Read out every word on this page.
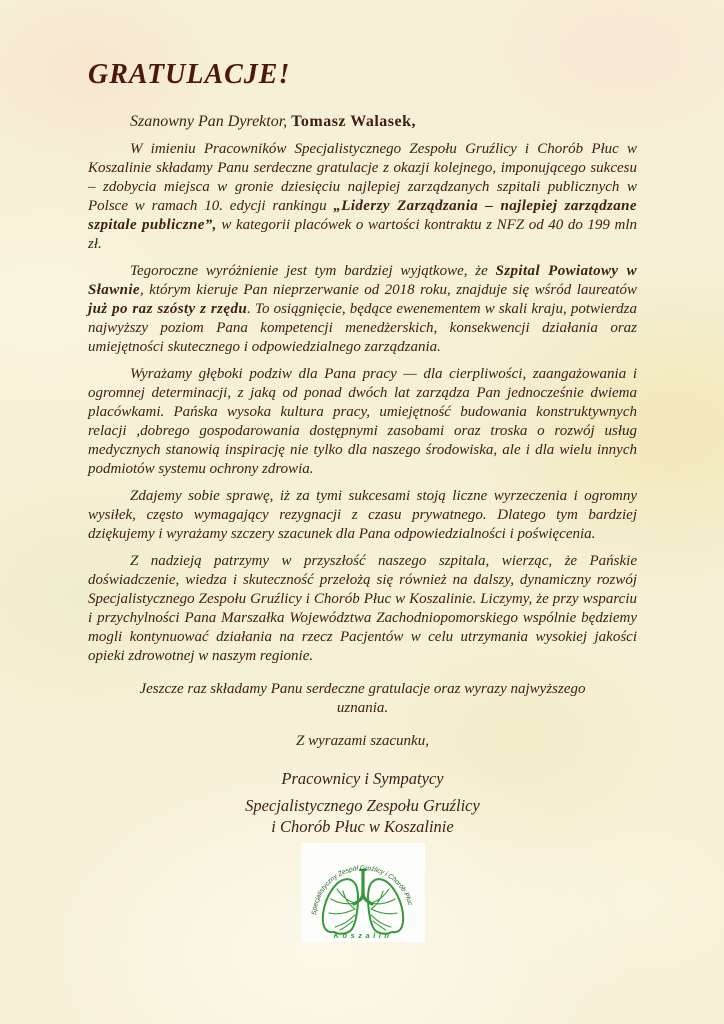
GRATULACJE!

Szanowny Pan Dyrektor, Tomasz Walasek,

W imieniu Pracowników Specjalistycznego Zespołu Gruźlicy i Chorób Płuc w Koszalinie składamy Panu serdeczne gratulacje z okazji kolejnego, imponującego sukcesu – zdobycia miejsca w gronie dziesięciu najlepiej zarządzanych szpitali publicznych w Polsce w ramach 10. edycji rankingu „Liderzy Zarządzania – najlepiej zarządzane szpitale publiczne”, w kategorii placówek o wartości kontraktu z NFZ od 40 do 199 mln zł.

Tegoroczne wyróżnienie jest tym bardziej wyjątkowe, że Szpital Powiatowy w Sławnie, którym kieruje Pan nieprzerwanie od 2018 roku, znajduje się wśród laureatów już po raz szósty z rzędu. To osiągnięcie, będące ewenementem w skali kraju, potwierdza najwyższy poziom Pana kompetencji menedżerskich, konsekwencji działania oraz umiejętności skutecznego i odpowiedzialnego zarządzania.

Wyrażamy głęboki podziw dla Pana pracy — dla cierpliwości, zaangażowania i ogromnej determinacji, z jaką od ponad dwóch lat zarządza Pan jednocześnie dwiema placówkami. Pańska wysoka kultura pracy, umiejętność budowania konstruktywnych relacji ,dobrego gospodarowania dostępnymi zasobami oraz troska o rozwój usług medycznych stanowią inspirację nie tylko dla naszego środowiska, ale i dla wielu innych podmiotów systemu ochrony zdrowia.

Zdajemy sobie sprawę, iż za tymi sukcesami stoją liczne wyrzeczenia i ogromny wysiłek, często wymagający rezygnacji z czasu prywatnego. Dlatego tym bardziej dziękujemy i wyrażamy szczery szacunek dla Pana odpowiedzialności i poświęcenia.

Z nadzieją patrzymy w przyszłość naszego szpitala, wierząc, że Pańskie doświadczenie, wiedza i skuteczność przełożą się również na dalszy, dynamiczny rozwój Specjalistycznego Zespołu Gruźlicy i Chorób Płuc w Koszalinie. Liczymy, że przy wsparciu i przychylności Pana Marszałka Województwa Zachodniopomorskiego wspólnie będziemy mogli kontynuować działania na rzecz Pacjentów w celu utrzymania wysokiej jakości opieki zdrowotnej w naszym regionie.

Jeszcze raz składamy Panu serdeczne gratulacje oraz wyrazy najwyższego uznania.

Z wyrazami szacunku,

Pracownicy i Sympatycy

Specjalistycznego Zespołu Gruźlicy
i Chorób Płuc w Koszalinie

Specjalistyczny Zespół Gruźlicy i Chorób Płuc
Koszalin
